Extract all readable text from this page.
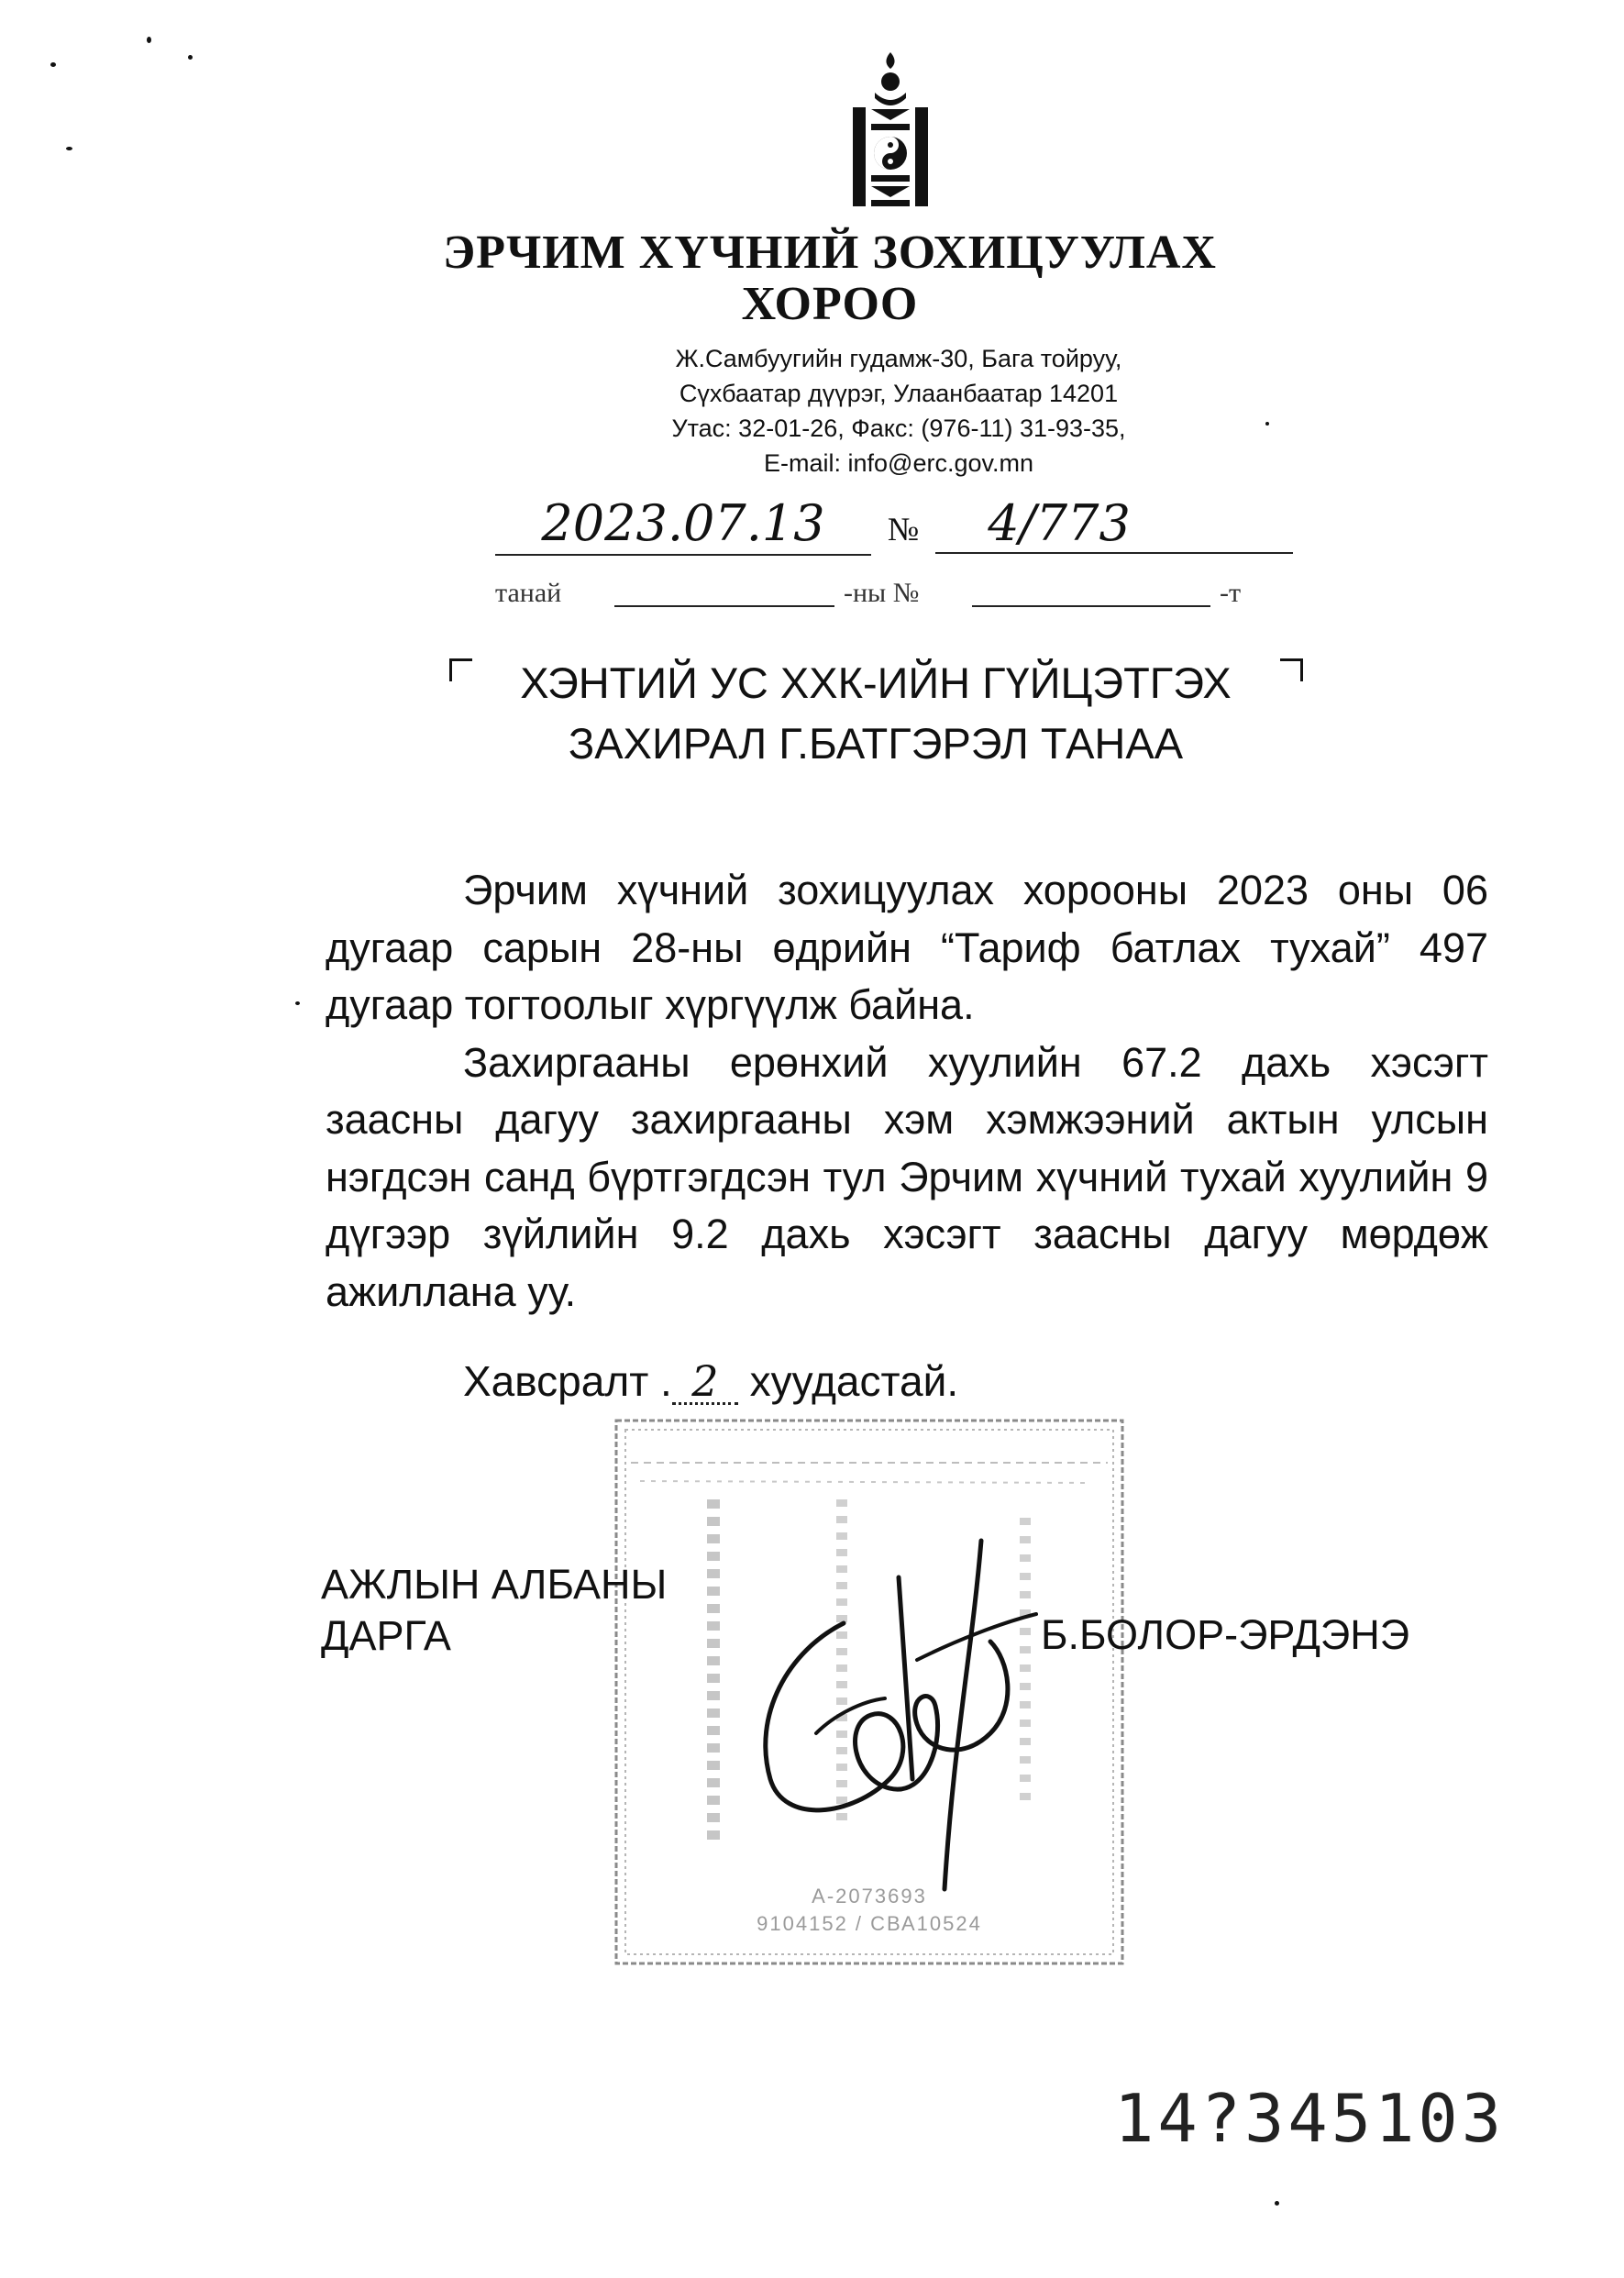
ЭРЧИМ ХҮЧНИЙ ЗОХИЦУУЛАХ
ХОРОО
Ж.Самбуугийн гудамж-30, Бага тойруу,
Сүхбаатар дүүрэг, Улаанбаатар 14201
Утас: 32-01-26, Факс: (976-11) 31-93-35,
E-mail: info@erc.gov.mn
2023.07.13	№	4/773
танай	-ны №	-т
ХЭНТИЙ УС ХХК-ИЙН ГҮЙЦЭТГЭХ
ЗАХИРАЛ Г.БАТГЭРЭЛ ТАНАА

Эрчим хүчний зохицуулах хорооны 2023 оны 06 дугаар сарын 28-ны өдрийн “Тариф батлах тухай” 497 дугаар тогтоолыг хүргүүлж байна.

Захиргааны ерөнхий хуулийн 67.2 дахь хэсэгт заасны дагуу захиргааны хэм хэмжээний актын улсын нэгдсэн санд бүртгэгдсэн тул Эрчим хүчний тухай хуулийн 9 дүгээр зүйлийн 9.2 дахь хэсэгт заасны дагуу мөрдөж ажиллана уу.

Хавсралт . 2 хуудастай.
А-2073693
9104152 / СВА10524
АЖЛЫН АЛБАНЫ
ДАРГА	Б.БОЛОР-ЭРДЭНЭ
14?345103
